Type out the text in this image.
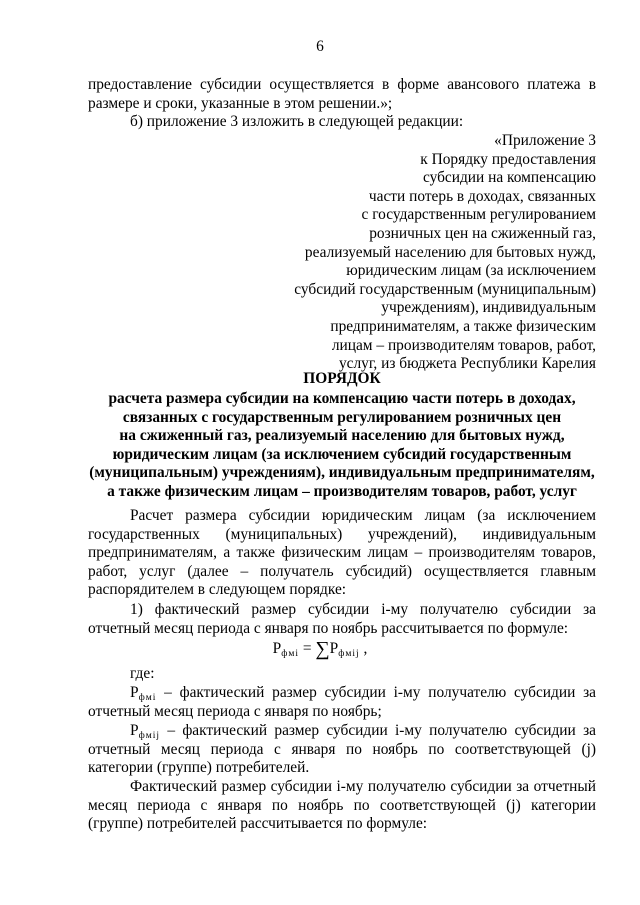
6
предоставление субсидии осуществляется в форме авансового платежа в
размере и сроки, указанные в этом решении.»;
б) приложение 3 изложить в следующей редакции:
«Приложение 3
к Порядку предоставления
субсидии на компенсацию
части потерь в доходах, связанных
с государственным регулированием
розничных цен на сжиженный газ,
реализуемый населению для бытовых нужд,
юридическим лицам (за исключением
субсидий государственным (муниципальным)
учреждениям), индивидуальным
предпринимателям, а также физическим
лицам – производителям товаров, работ,
услуг, из бюджета Республики Карелия
ПОРЯДОК
расчета размера субсидии на компенсацию части потерь в доходах,
связанных с государственным регулированием розничных цен
на сжиженный газ, реализуемый населению для бытовых нужд,
юридическим лицам (за исключением субсидий государственным
(муниципальным) учреждениям), индивидуальным предпринимателям,
а также физическим лицам – производителям товаров, работ, услуг
Расчет размера субсидии юридическим лицам (за исключением
государственных (муниципальных) учреждений), индивидуальным
предпринимателям, а также физическим лицам – производителям товаров,
работ, услуг (далее – получатель субсидий) осуществляется главным
распорядителем в следующем порядке:
1) фактический размер субсидии i-му получателю субсидии за
отчетный месяц периода с января по ноябрь рассчитывается по формуле:
$P_{фмi} = \sum P_{фмij}$ ,
где:
$P_{фмi}$ – фактический размер субсидии i-му получателю субсидии за
отчетный месяц периода с января по ноябрь;
$P_{фмij}$ – фактический размер субсидии i-му получателю субсидии за
отчетный месяц периода с января по ноябрь по соответствующей (j)
категории (группе) потребителей.
Фактический размер субсидии i-му получателю субсидии за отчетный
месяц периода с января по ноябрь по соответствующей (j) категории
(группе) потребителей рассчитывается по формуле:
